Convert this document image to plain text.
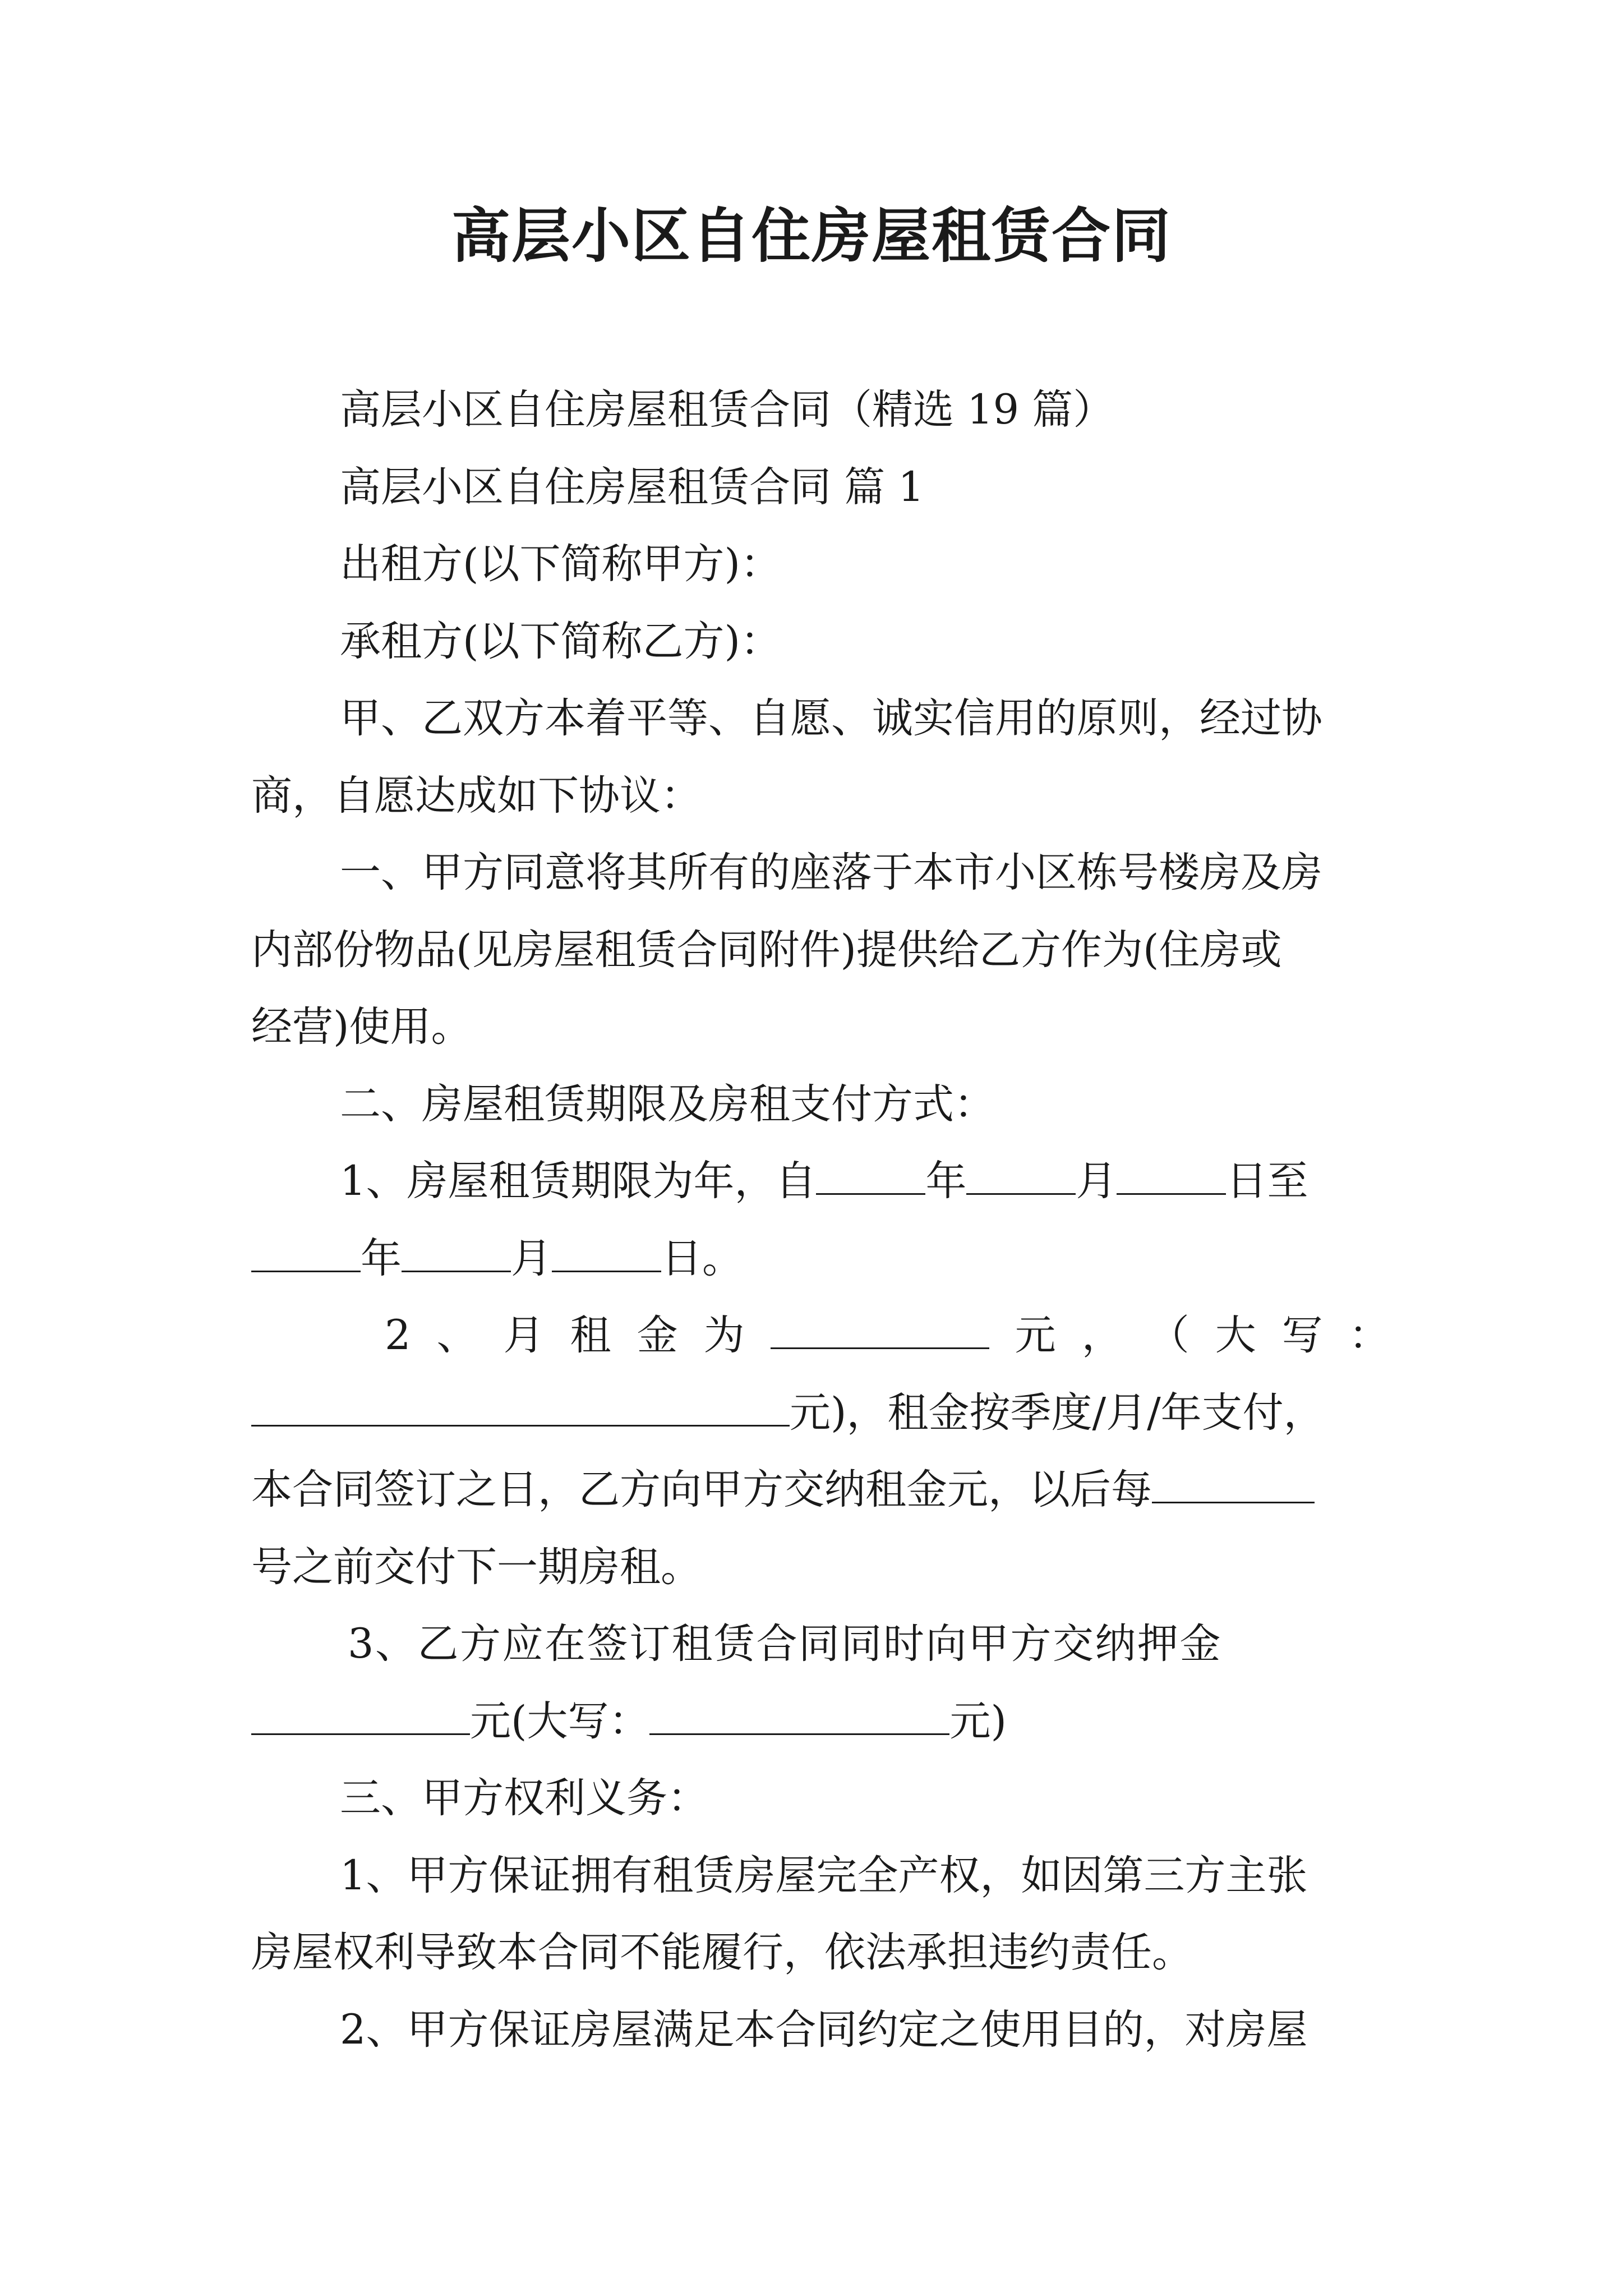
高层小区自住房屋租赁合同
高层小区自住房屋租赁合同（精选 19 篇）
高层小区自住房屋租赁合同 篇 1
出租方(以下简称甲方)：
承租方(以下简称乙方)：
甲、乙双方本着平等、自愿、诚实信用的原则，经过协
商，自愿达成如下协议：
一、甲方同意将其所有的座落于本市小区栋号楼房及房
内部份物品(见房屋租赁合同附件)提供给乙方作为(住房或
经营)使用。
二、房屋租赁期限及房租支付方式：
1、房屋租赁期限为年，自	年	月	日至
年	月	日。
2 、 月 租 金 为	元 ， （ 大 写 ：
元)，租金按季度/月/年支付，
本合同签订之日，乙方向甲方交纳租金元，以后每
号之前交付下一期房租。
3、乙方应在签订租赁合同同时向甲方交纳押金
元(大写：	元)
三、甲方权利义务：
1、甲方保证拥有租赁房屋完全产权，如因第三方主张
房屋权利导致本合同不能履行，依法承担违约责任。
2、甲方保证房屋满足本合同约定之使用目的，对房屋
